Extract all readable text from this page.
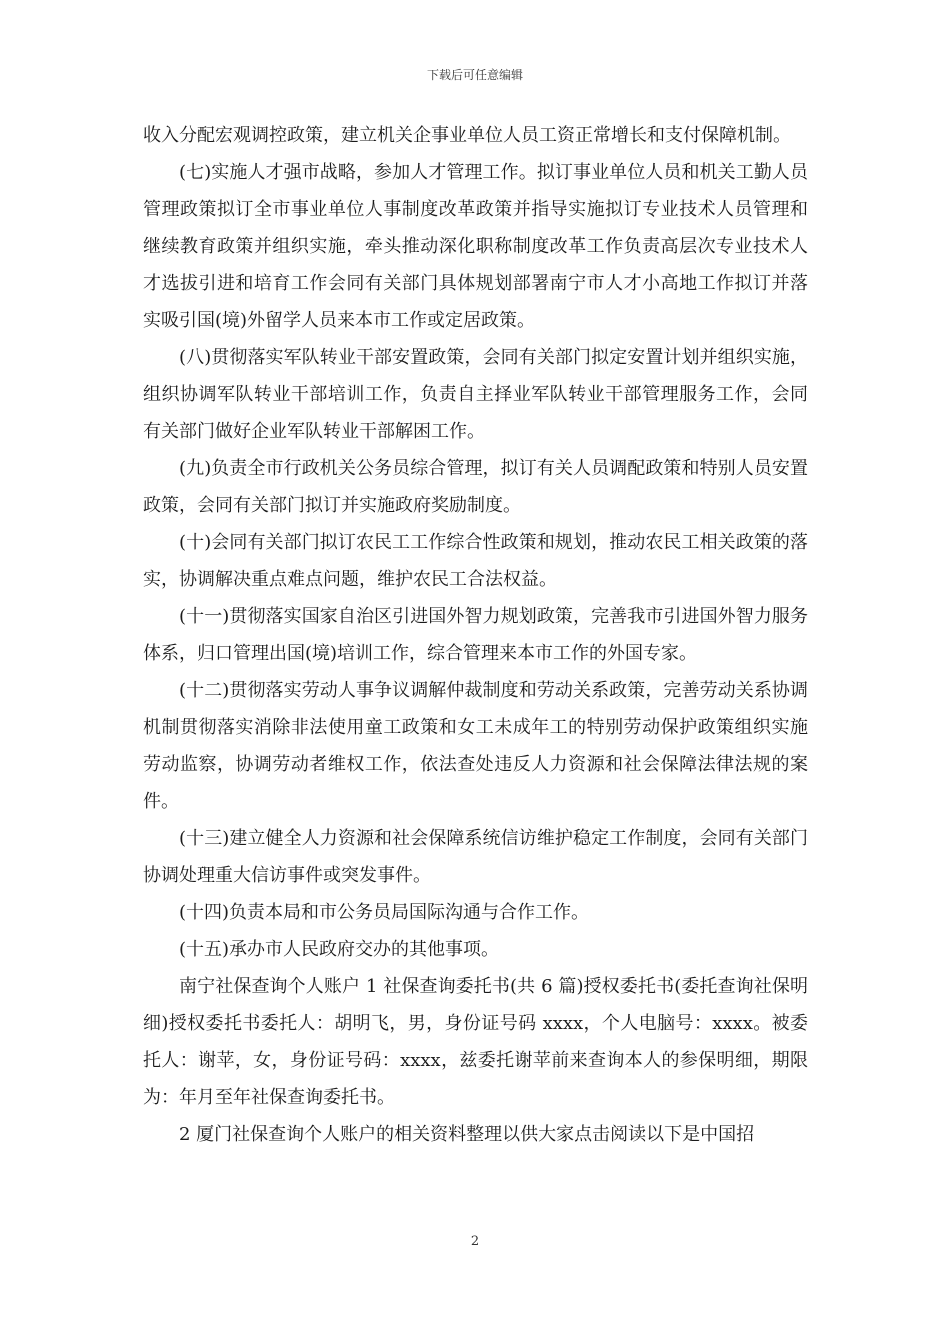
下载后可任意编辑

收入分配宏观调控政策，建立机关企事业单位人员工资正常增长和支付保障机制。

(七)实施人才强市战略，参加人才管理工作。拟订事业单位人员和机关工勤人员管理政策拟订全市事业单位人事制度改革政策并指导实施拟订专业技术人员管理和继续教育政策并组织实施，牵头推动深化职称制度改革工作负责高层次专业技术人才选拔引进和培育工作会同有关部门具体规划部署南宁市人才小高地工作拟订并落实吸引国(境)外留学人员来本市工作或定居政策。

(八)贯彻落实军队转业干部安置政策，会同有关部门拟定安置计划并组织实施，组织协调军队转业干部培训工作，负责自主择业军队转业干部管理服务工作，会同有关部门做好企业军队转业干部解困工作。

(九)负责全市行政机关公务员综合管理，拟订有关人员调配政策和特别人员安置政策，会同有关部门拟订并实施政府奖励制度。

(十)会同有关部门拟订农民工工作综合性政策和规划，推动农民工相关政策的落实，协调解决重点难点问题，维护农民工合法权益。

(十一)贯彻落实国家自治区引进国外智力规划政策，完善我市引进国外智力服务体系，归口管理出国(境)培训工作，综合管理来本市工作的外国专家。

(十二)贯彻落实劳动人事争议调解仲裁制度和劳动关系政策，完善劳动关系协调机制贯彻落实消除非法使用童工政策和女工未成年工的特别劳动保护政策组织实施劳动监察，协调劳动者维权工作，依法查处违反人力资源和社会保障法律法规的案件。

(十三)建立健全人力资源和社会保障系统信访维护稳定工作制度，会同有关部门协调处理重大信访事件或突发事件。

(十四)负责本局和市公务员局国际沟通与合作工作。

(十五)承办市人民政府交办的其他事项。

南宁社保查询个人账户 1 社保查询委托书(共 6 篇)授权委托书(委托查询社保明细)授权委托书委托人：胡明飞，男，身份证号码 xxxx，个人电脑号：xxxx。被委托人：谢苹，女，身份证号码：xxxx，兹委托谢苹前来查询本人的参保明细，期限为：年月至年社保查询委托书。

2 厦门社保查询个人账户的相关资料整理以供大家点击阅读以下是中国招

2
